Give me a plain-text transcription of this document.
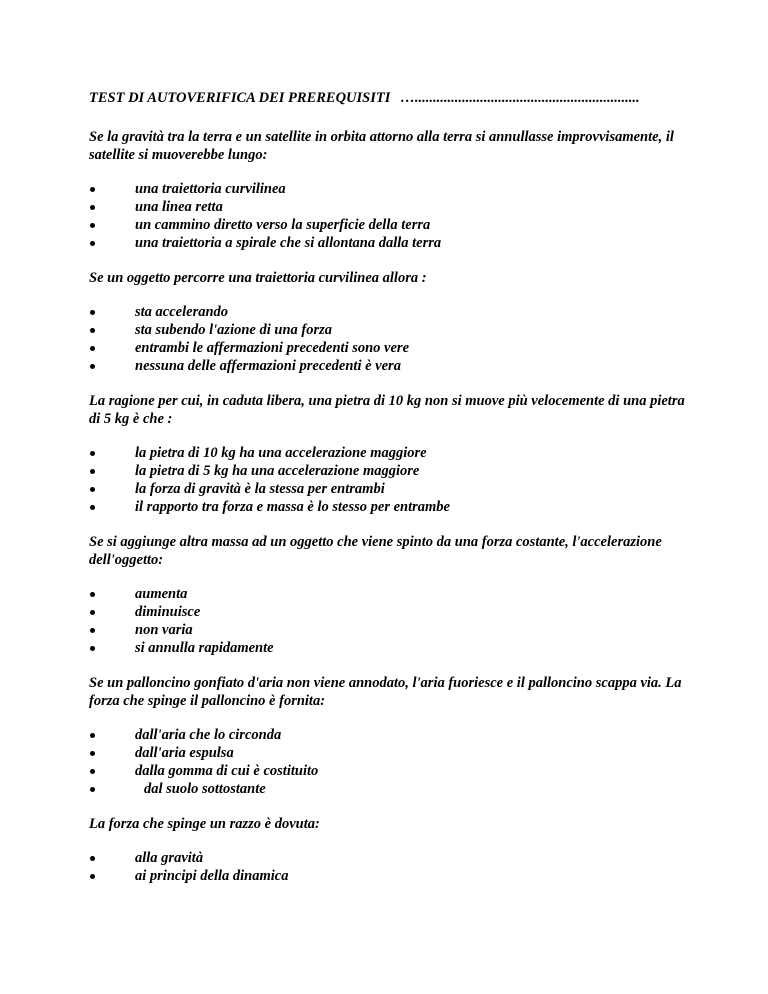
TEST DI AUTOVERIFICA DEI PREREQUISITI …..............................................................
Se la gravità tra la terra e un satellite in orbita attorno alla terra si annullasse improvvisamente, il satellite si muoverebbe lungo:
una traiettoria curvilinea
una linea retta
un cammino diretto verso la superficie della terra
una traiettoria a spirale che si allontana dalla terra
Se un oggetto percorre una traiettoria curvilinea allora :
sta accelerando
sta subendo l'azione di una forza
entrambi le affermazioni precedenti sono vere
nessuna delle affermazioni precedenti è vera
La ragione per cui, in caduta libera, una pietra di 10 kg non si muove più velocemente di una pietra di 5 kg è che :
la pietra di 10 kg ha una accelerazione maggiore
la pietra di 5 kg ha una accelerazione maggiore
la forza di gravità è la stessa per entrambi
il rapporto tra forza e massa è lo stesso per entrambe
Se si aggiunge altra massa ad un oggetto che viene spinto da una forza costante, l'accelerazione dell'oggetto:
aumenta
diminuisce
non varia
si annulla rapidamente
Se un palloncino gonfiato d'aria non viene annodato, l'aria fuoriesce e il palloncino scappa via. La forza che spinge il palloncino è fornita:
dall'aria che lo circonda
dall'aria espulsa
dalla gomma di cui è costituito
dal suolo sottostante
La forza che spinge un razzo è dovuta:
alla gravità
ai principi della dinamica
